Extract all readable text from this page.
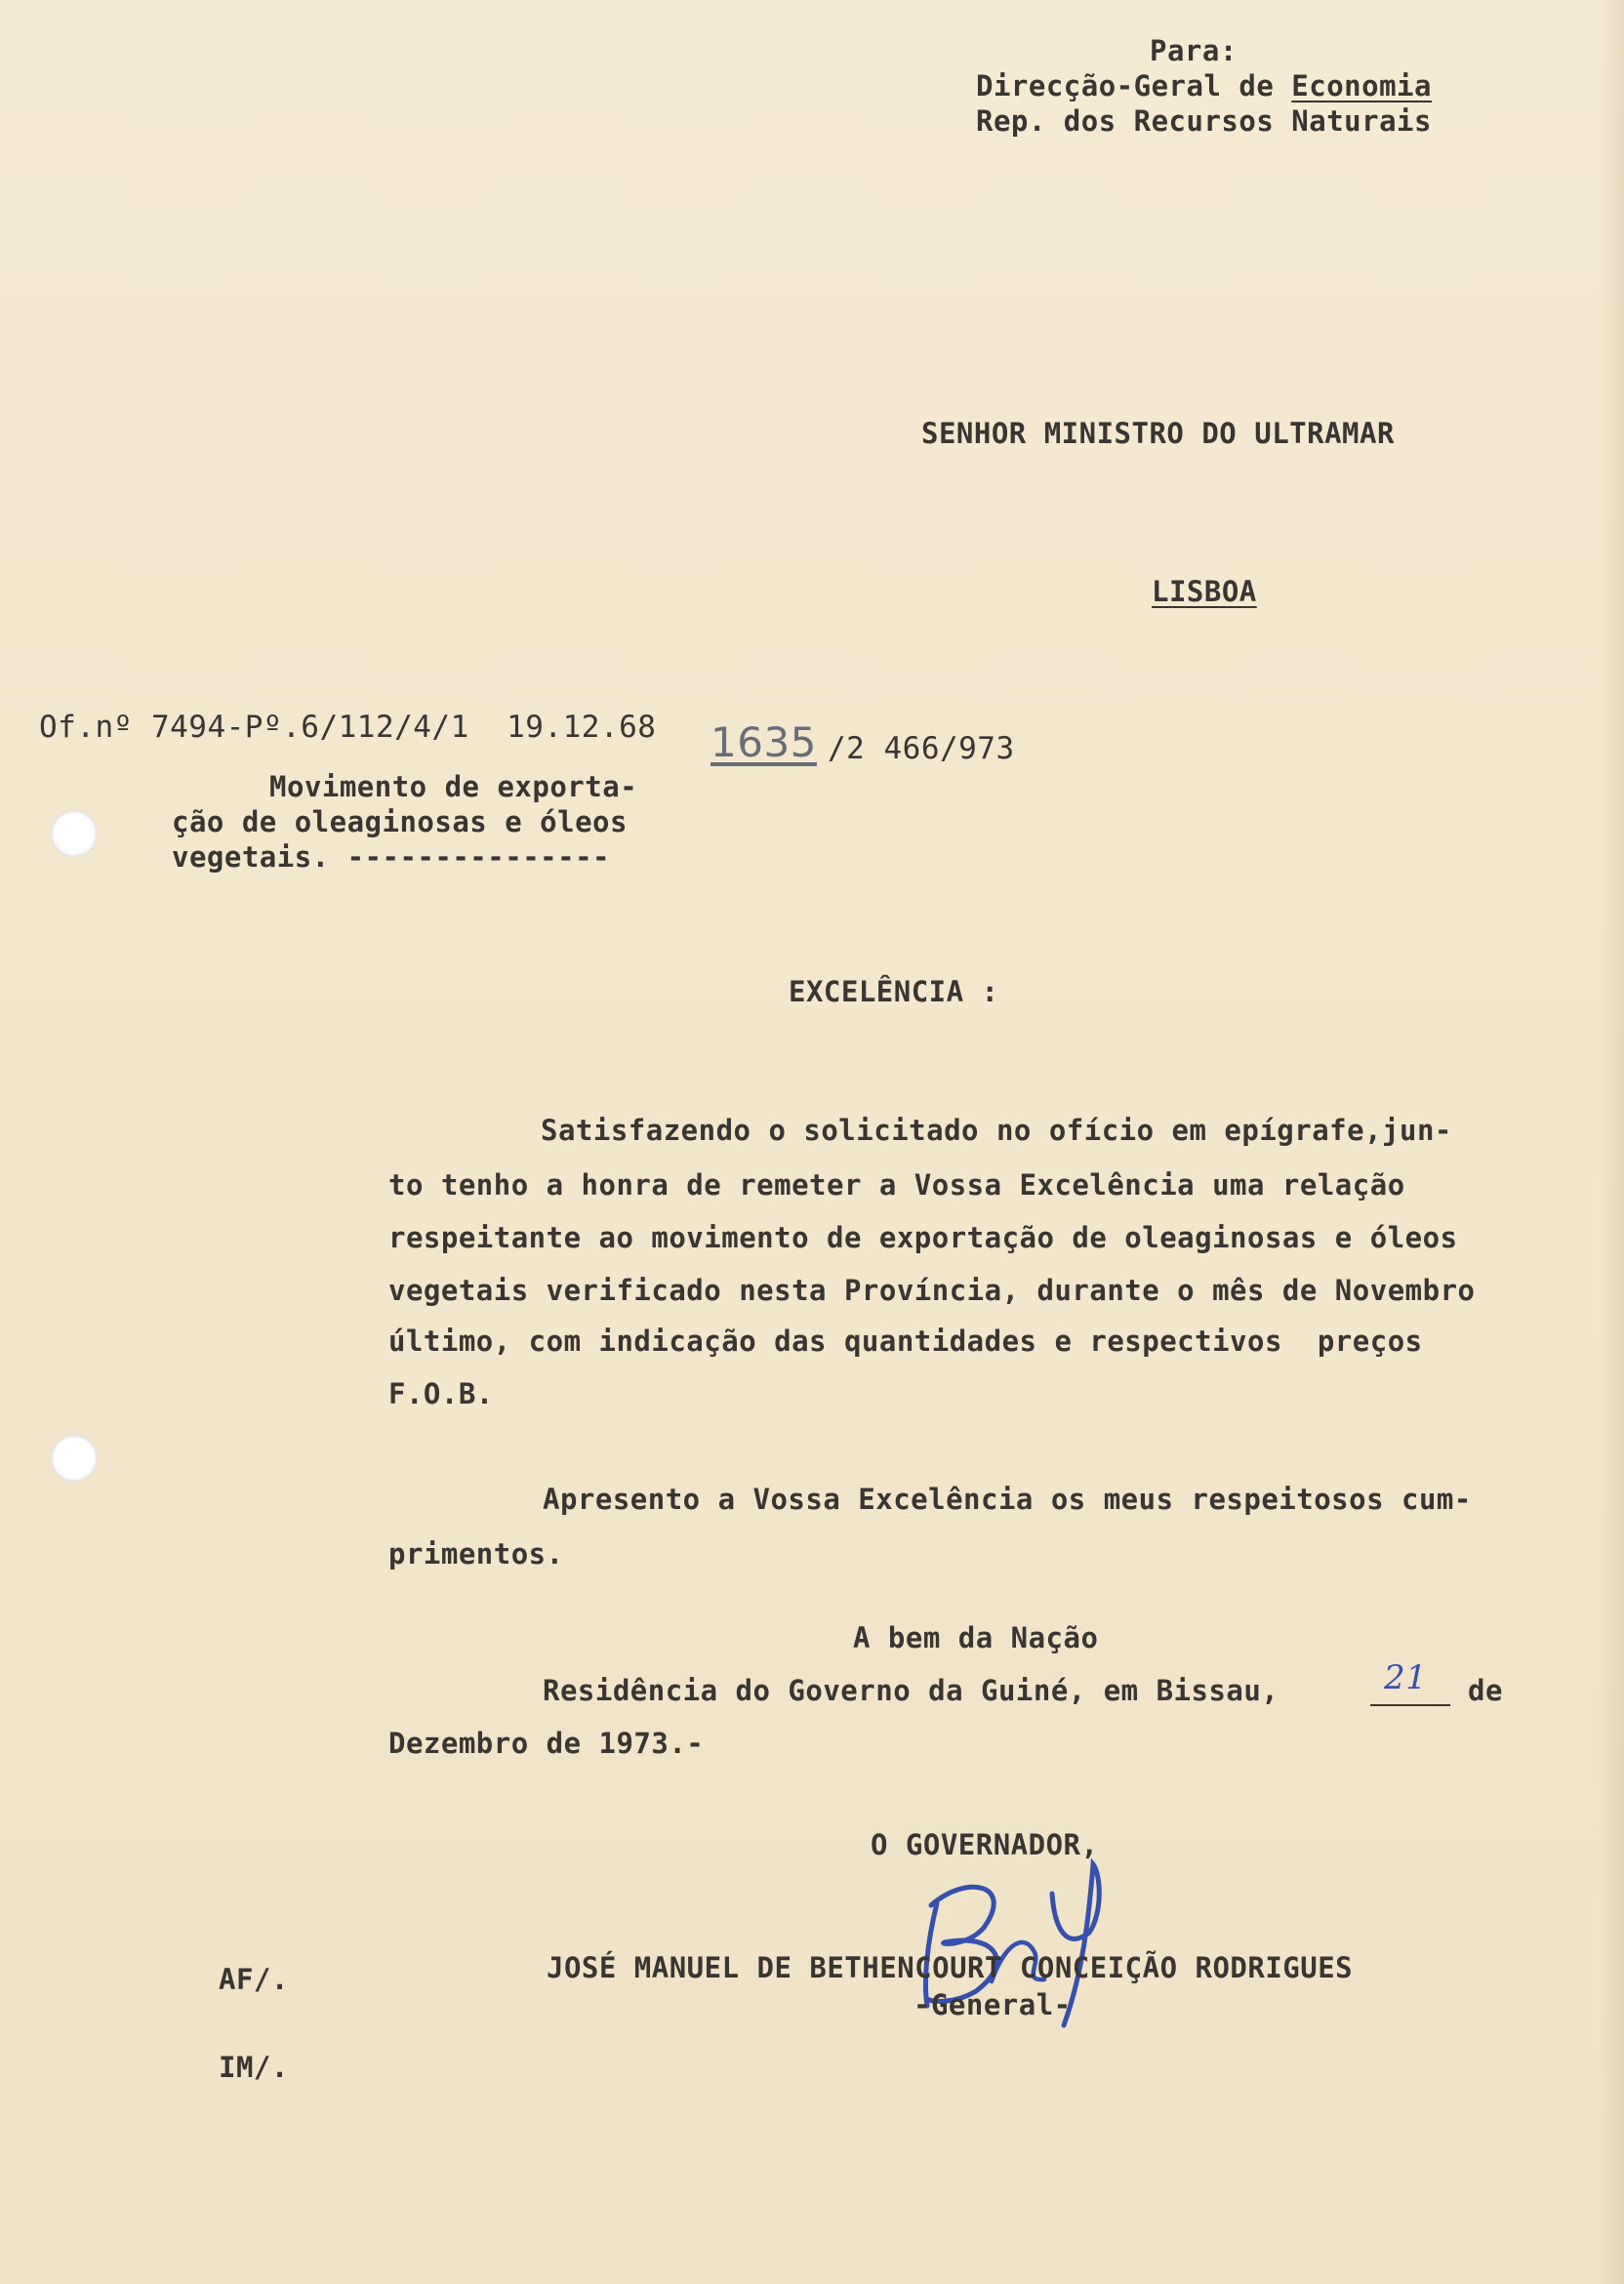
Para:
Direcção-Geral de Economia
Rep. dos Recursos Naturais
SENHOR MINISTRO DO ULTRAMAR
LISBOA
Of.nº 7494-Pº.6/112/4/1  19.12.68 1635 /2 466/973
Movimento de exporta-
ção de oleaginosas e óleos
vegetais. ---------------
EXCELÊNCIA :
Satisfazendo o solicitado no ofício em epígrafe,jun-
to tenho a honra de remeter a Vossa Excelência uma relação
respeitante ao movimento de exportação de oleaginosas e óleos
vegetais verificado nesta Província, durante o mês de Novembro
último, com indicação das quantidades e respectivos  preços
F.O.B.
Apresento a Vossa Excelência os meus respeitosos cum-
primentos.
A bem da Nação
Residência do Governo da Guiné, em Bissau,	21 de
Dezembro de 1973.-
O GOVERNADOR,
JOSÉ MANUEL DE BETHENCOURT CONCEIÇÃO RODRIGUES
-General-
AF/.
IM/.
